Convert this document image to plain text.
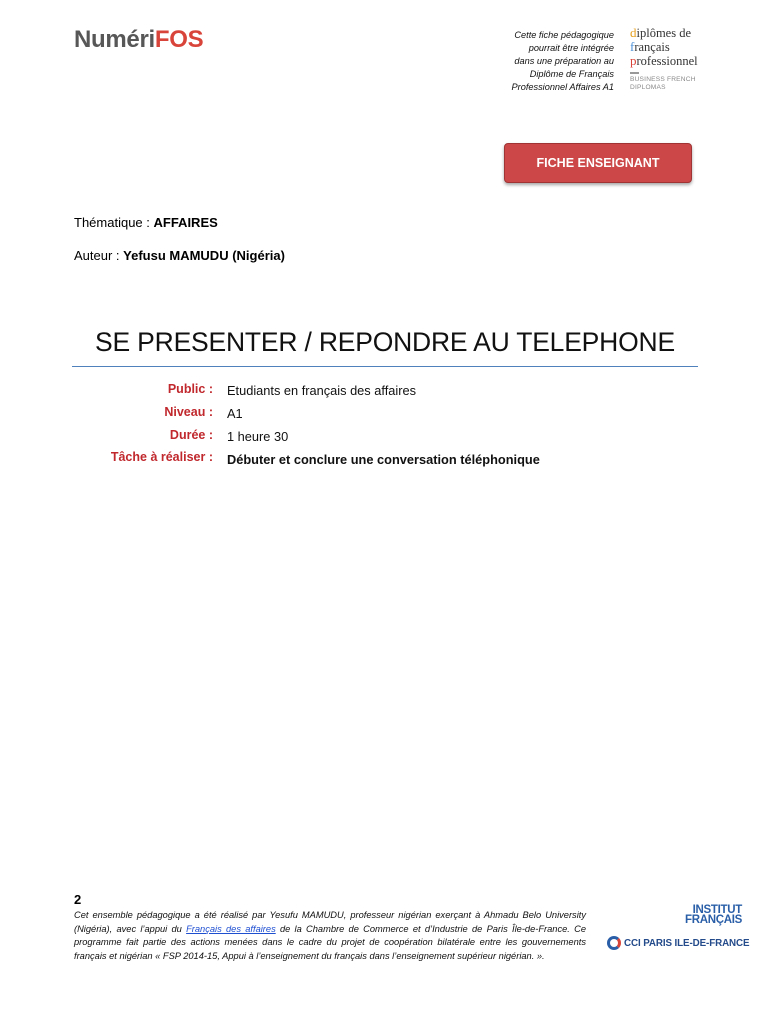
NumériFOS	Cette fiche pédagogique
pourrait être intégrée
dans une préparation au
Diplôme de Français
Professionnel Affaires A1
diplômes de
français
professionnel
BUSINESS FRENCH
DIPLOMAS
FICHE ENSEIGNANT
Thématique : AFFAIRES
Auteur : Yefusu MAMUDU (Nigéria)
SE PRESENTER / REPONDRE AU TELEPHONE
Public : Etudiants en français des affaires
Niveau : A1
Durée : 1 heure 30
Tâche à réaliser : Débuter et conclure une conversation téléphonique
2
Cet ensemble pédagogique a été réalisé par Yesufu MAMUDU, professeur nigérian exerçant à Ahmadu Belo University (Nigéria), avec l’appui du Français des affaires de la Chambre de Commerce et d’Industrie de Paris Île-de-France. Ce programme fait partie des actions menées dans le cadre du projet de coopération bilatérale entre les gouvernements français et nigérian « FSP 2014-15, Appui à l’enseignement du français dans l’enseignement supérieur nigérian. ».
INSTITUT
FRANÇAIS
CCI PARIS ILE-DE-FRANCE
